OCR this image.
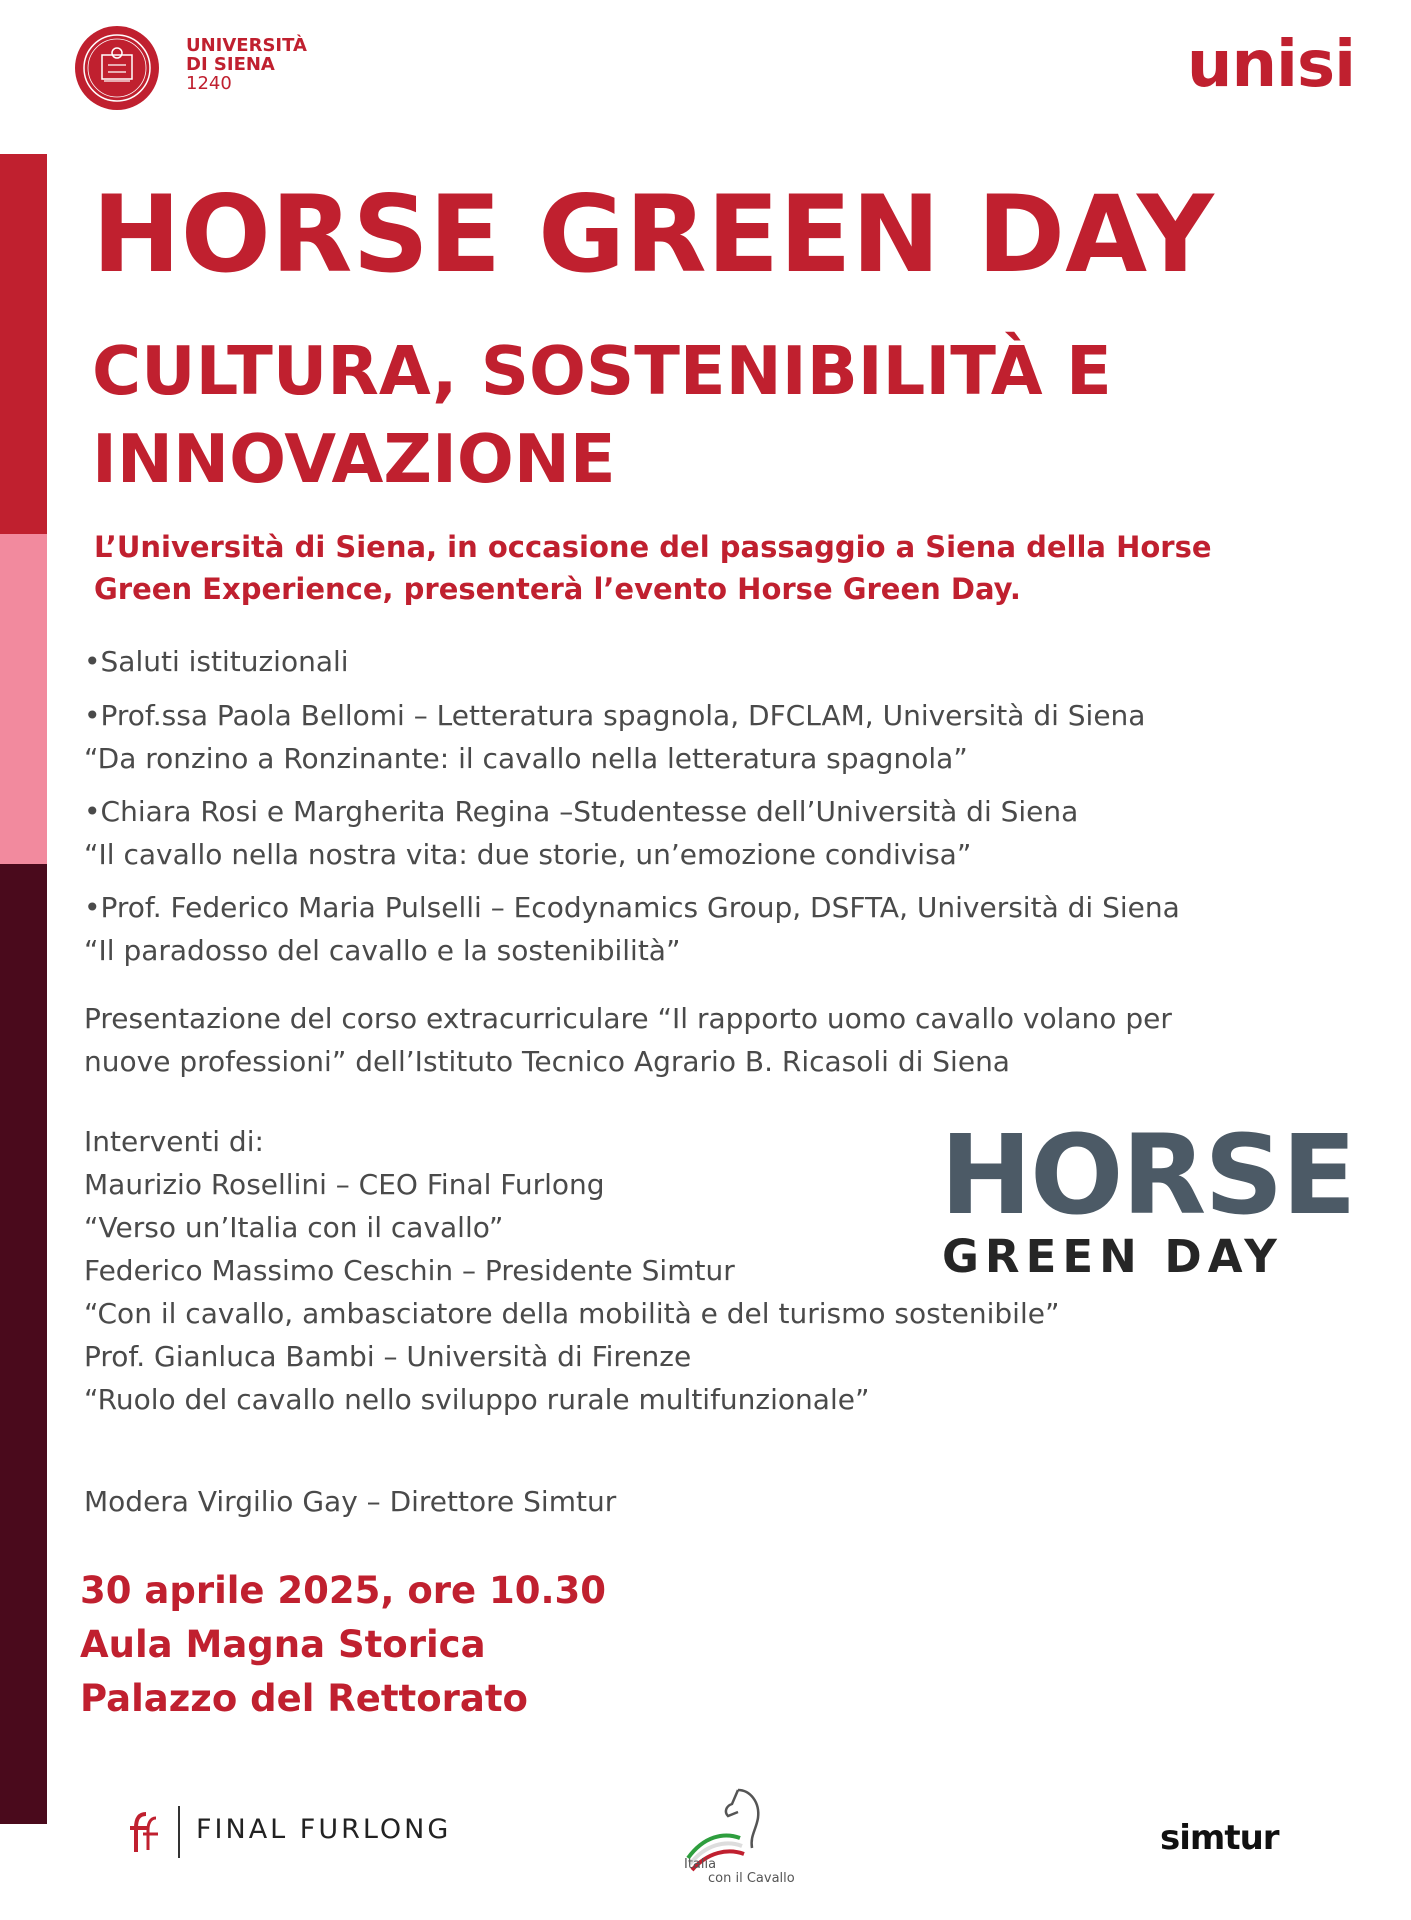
UNIVERSITÀ
DI SIENA
1240	unisi
HORSE GREEN DAY
CULTURA, SOSTENIBILITÀ E
INNOVAZIONE
L’Università di Siena, in occasione del passaggio a Siena della Horse
Green Experience, presenterà l’evento Horse Green Day.
•Saluti istituzionali
•Prof.ssa Paola Bellomi – Letteratura spagnola, DFCLAM, Università di Siena
“Da ronzino a Ronzinante: il cavallo nella letteratura spagnola”
•Chiara Rosi e Margherita Regina –Studentesse dell’Università di Siena
“Il cavallo nella nostra vita: due storie, un’emozione condivisa”
•Prof. Federico Maria Pulselli – Ecodynamics Group, DSFTA, Università di Siena
“Il paradosso del cavallo e la sostenibilità”
Presentazione del corso extracurriculare “Il rapporto uomo cavallo volano per
nuove professioni” dell’Istituto Tecnico Agrario B. Ricasoli di Siena
Interventi di:
Maurizio Rosellini – CEO Final Furlong
“Verso un’Italia con il cavallo”
Federico Massimo Ceschin – Presidente Simtur
“Con il cavallo, ambasciatore della mobilità e del turismo sostenibile”
Prof. Gianluca Bambi – Università di Firenze
“Ruolo del cavallo nello sviluppo rurale multifunzionale”
Modera Virgilio Gay – Direttore Simtur
HORSE
GREEN DAY
30 aprile 2025, ore 10.30
Aula Magna Storica
Palazzo del Rettorato
FINAL FURLONG
Italia
con il Cavallo
simtur
